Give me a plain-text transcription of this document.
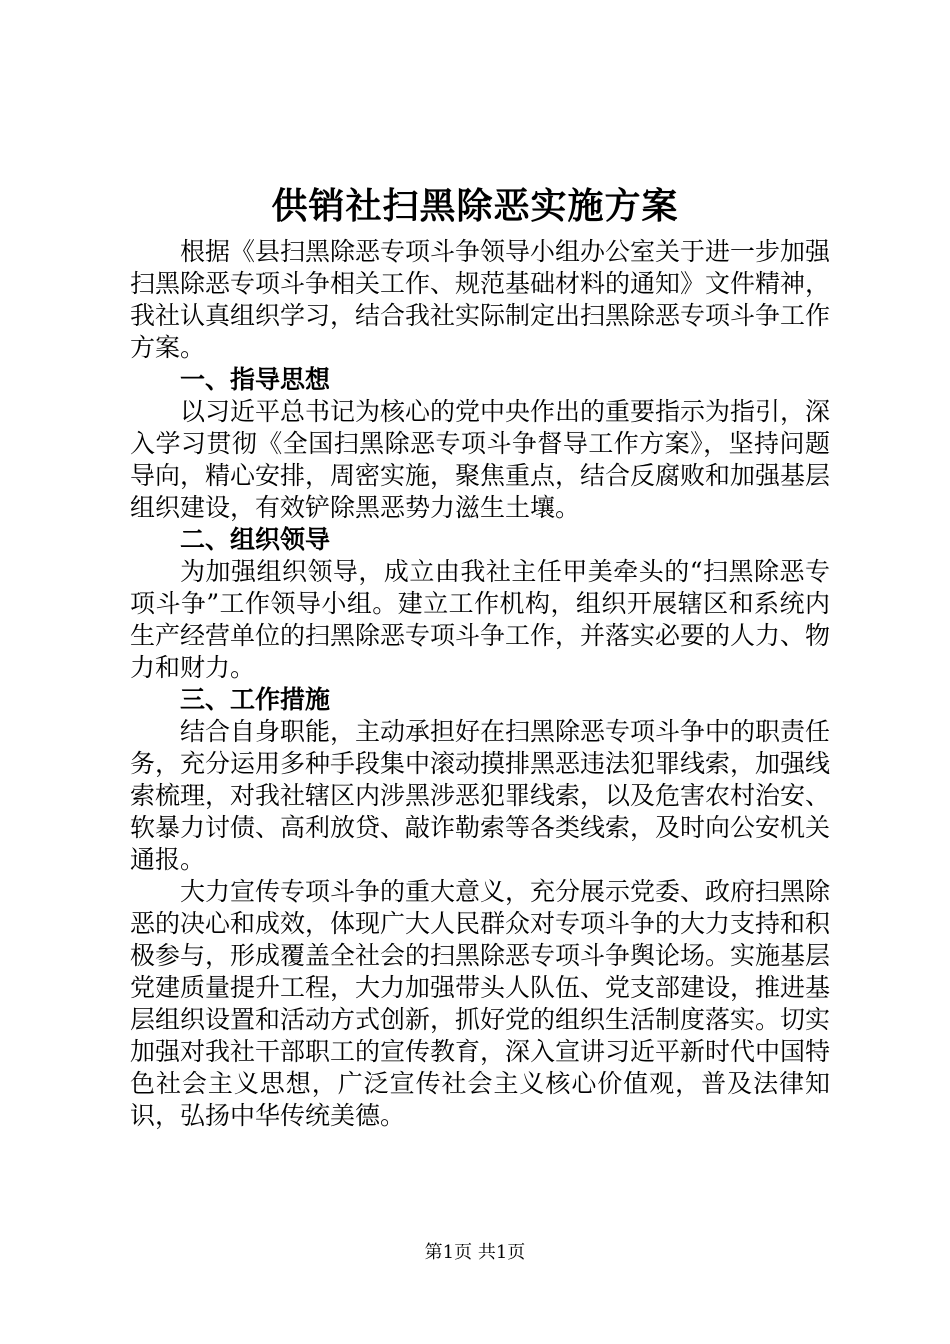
供销社扫黑除恶实施方案

根据《县扫黑除恶专项斗争领导小组办公室关于进一步加强扫黑除恶专项斗争相关工作、规范基础材料的通知》文件精神，我社认真组织学习，结合我社实际制定出扫黑除恶专项斗争工作方案。

一、指导思想

以习近平总书记为核心的党中央作出的重要指示为指引，深入学习贯彻《全国扫黑除恶专项斗争督导工作方案》，坚持问题导向，精心安排，周密实施，聚焦重点，结合反腐败和加强基层组织建设，有效铲除黑恶势力滋生土壤。

二、组织领导

为加强组织领导，成立由我社主任甲美牵头的“扫黑除恶专项斗争”工作领导小组。建立工作机构，组织开展辖区和系统内生产经营单位的扫黑除恶专项斗争工作，并落实必要的人力、物力和财力。

三、工作措施

结合自身职能，主动承担好在扫黑除恶专项斗争中的职责任务，充分运用多种手段集中滚动摸排黑恶违法犯罪线索，加强线索梳理，对我社辖区内涉黑涉恶犯罪线索，以及危害农村治安、软暴力讨债、高利放贷、敲诈勒索等各类线索，及时向公安机关通报。

大力宣传专项斗争的重大意义，充分展示党委、政府扫黑除恶的决心和成效，体现广大人民群众对专项斗争的大力支持和积极参与，形成覆盖全社会的扫黑除恶专项斗争舆论场。实施基层党建质量提升工程，大力加强带头人队伍、党支部建设，推进基层组织设置和活动方式创新，抓好党的组织生活制度落实。切实加强对我社干部职工的宣传教育，深入宣讲习近平新时代中国特色社会主义思想，广泛宣传社会主义核心价值观，普及法律知识，弘扬中华传统美德。

第1页 共1页
